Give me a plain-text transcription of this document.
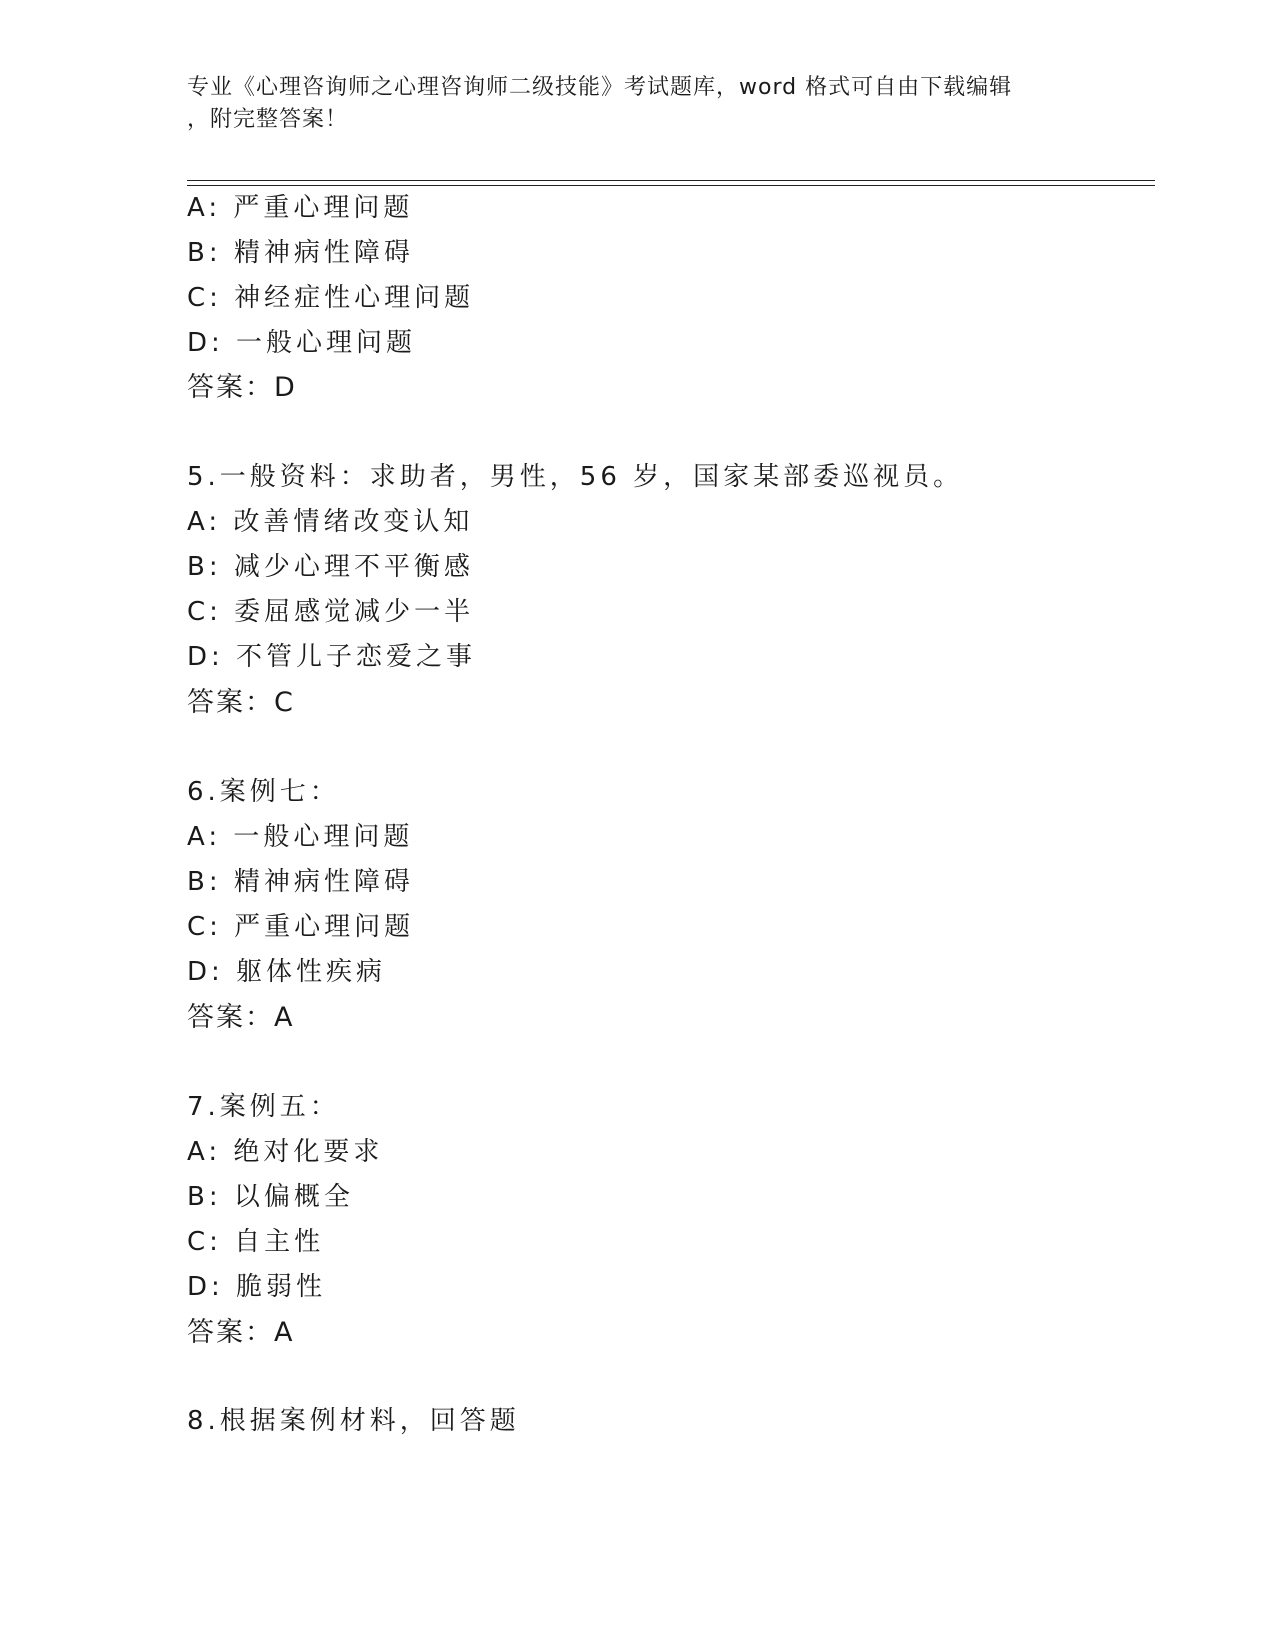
专业《心理咨询师之心理咨询师二级技能》考试题库，word 格式可自由下载编辑
，附完整答案！
A: 严重心理问题
B: 精神病性障碍
C: 神经症性心理问题
D: 一般心理问题
答案：D
5.一般资料：求助者，男性，56 岁，国家某部委巡视员。
A: 改善情绪改变认知
B: 减少心理不平衡感
C: 委屈感觉减少一半
D: 不管儿子恋爱之事
答案：C
6.案例七：
A: 一般心理问题
B: 精神病性障碍
C: 严重心理问题
D: 躯体性疾病
答案：A
7.案例五：
A: 绝对化要求
B: 以偏概全
C: 自主性
D: 脆弱性
答案：A
8.根据案例材料，回答题
